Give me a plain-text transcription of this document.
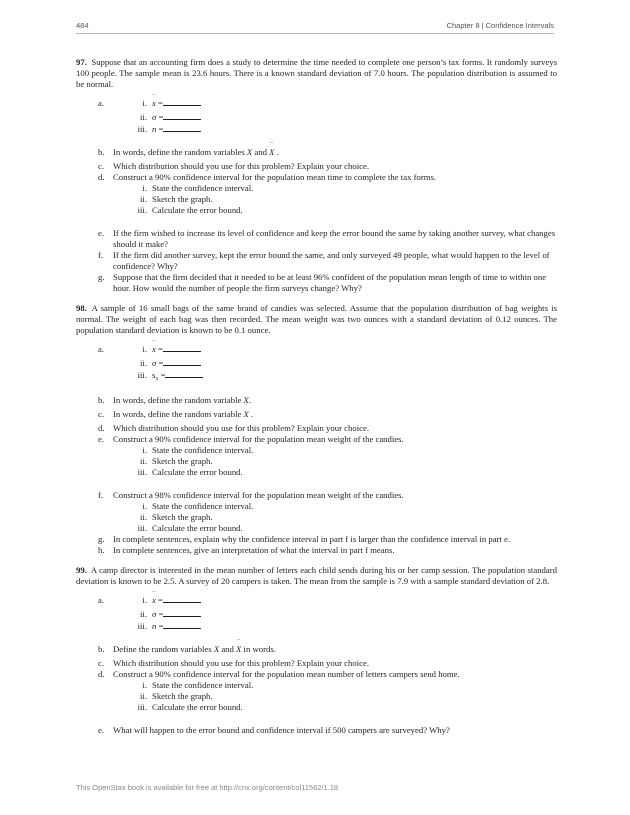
484	Chapter 8 | Confidence Intervals
97. Suppose that an accounting firm does a study to determine the time needed to complete one person’s tax forms. It randomly surveys 100 people. The sample mean is 23.6 hours. There is a known standard deviation of 7.0 hours. The population distribution is assumed to be normal.
a.	i. – x =
ii. σ =
iii. n =
b. In words, define the random variables X and – X .
c.	Which distribution should you use for this problem? Explain your choice.
d. Construct a 90% confidence interval for the population mean time to complete the tax forms.
i. State the confidence interval.
ii. Sketch the graph.
iii. Calculate the error bound.
e.	If the firm wished to increase its level of confidence and keep the error bound the same by taking another survey, what changes should it make?
f.	If the firm did another survey, kept the error bound the same, and only surveyed 49 people, what would happen to the level of confidence? Why?
g. Suppose that the firm decided that it needed to be at least 96% confident of the population mean length of time to within one hour. How would the number of people the firm surveys change? Why?
98. A sample of 16 small bags of the same brand of candies was selected. Assume that the population distribution of bag weights is normal. The weight of each bag was then recorded. The mean weight was two ounces with a standard deviation of 0.12 ounces. The population standard deviation is known to be 0.1 ounce.
a.	i. – x =
ii. σ =
iii. $s_x$ =
b. In words, define the random variable X.
c.	In words, define the random variable – X .
d. Which distribution should you use for this problem? Explain your choice.
e.	Construct a 90% confidence interval for the population mean weight of the candies.
i. State the confidence interval.
ii. Sketch the graph.
iii. Calculate the error bound.
f.	Construct a 98% confidence interval for the population mean weight of the candies.
i. State the confidence interval.
ii. Sketch the graph.
iii. Calculate the error bound.
g. In complete sentences, explain why the confidence interval in part f is larger than the confidence interval in part e.
h. In complete sentences, give an interpretation of what the interval in part f means.
99. A camp director is interested in the mean number of letters each child sends during his or her camp session. The population standard deviation is known to be 2.5. A survey of 20 campers is taken. The mean from the sample is 7.9 with a sample standard deviation of 2.8.
a.	i. – x =
ii. σ =
iii. n =
b. Define the random variables X and – X in words.
c.	Which distribution should you use for this problem? Explain your choice.
d. Construct a 90% confidence interval for the population mean number of letters campers send home.
i. State the confidence interval.
ii. Sketch the graph.
iii. Calculate the error bound.
e.	What will happen to the error bound and confidence interval if 500 campers are surveyed? Why?
This OpenStax book is available for free at http://cnx.org/content/col11562/1.18
